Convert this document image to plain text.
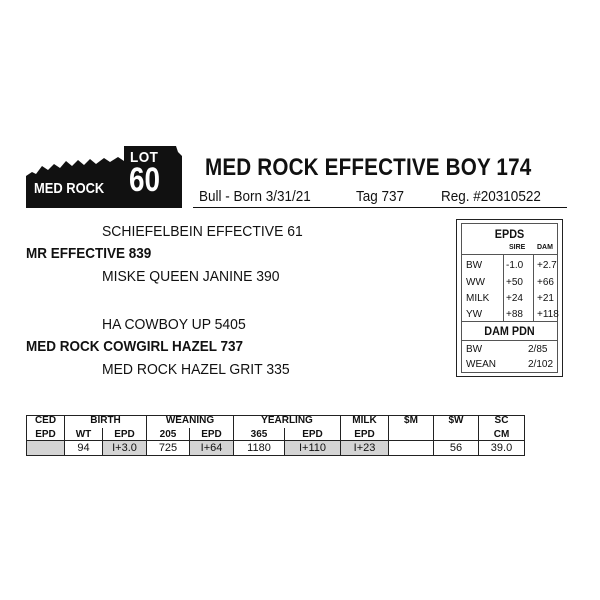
LOT
60
MED ROCK
MED ROCK EFFECTIVE BOY 174
Bull - Born 3/31/21	Tag 737 Reg. #20310522
SCHIEFELBEIN EFFECTIVE 61
MR EFFECTIVE 839
MISKE QUEEN JANINE 390
HA COWBOY UP 5405
MED ROCK COWGIRL HAZEL 737
MED ROCK HAZEL GRIT 335
EPDS
SIRE DAM
BW -1.0 +2.7
WW +50 +66
MILK +24 +21
YW +88 +118
DAM PDN
BW	2/85
WEAN	2/102
CED	BIRTH		WEANING		YEARLING		MILK	$M	$W	SC
EPD	WT	EPD	205	EPD	365	EPD	EPD			CM
	94	I+3.0	725	I+64	1180	I+110	I+23		56	39.0
